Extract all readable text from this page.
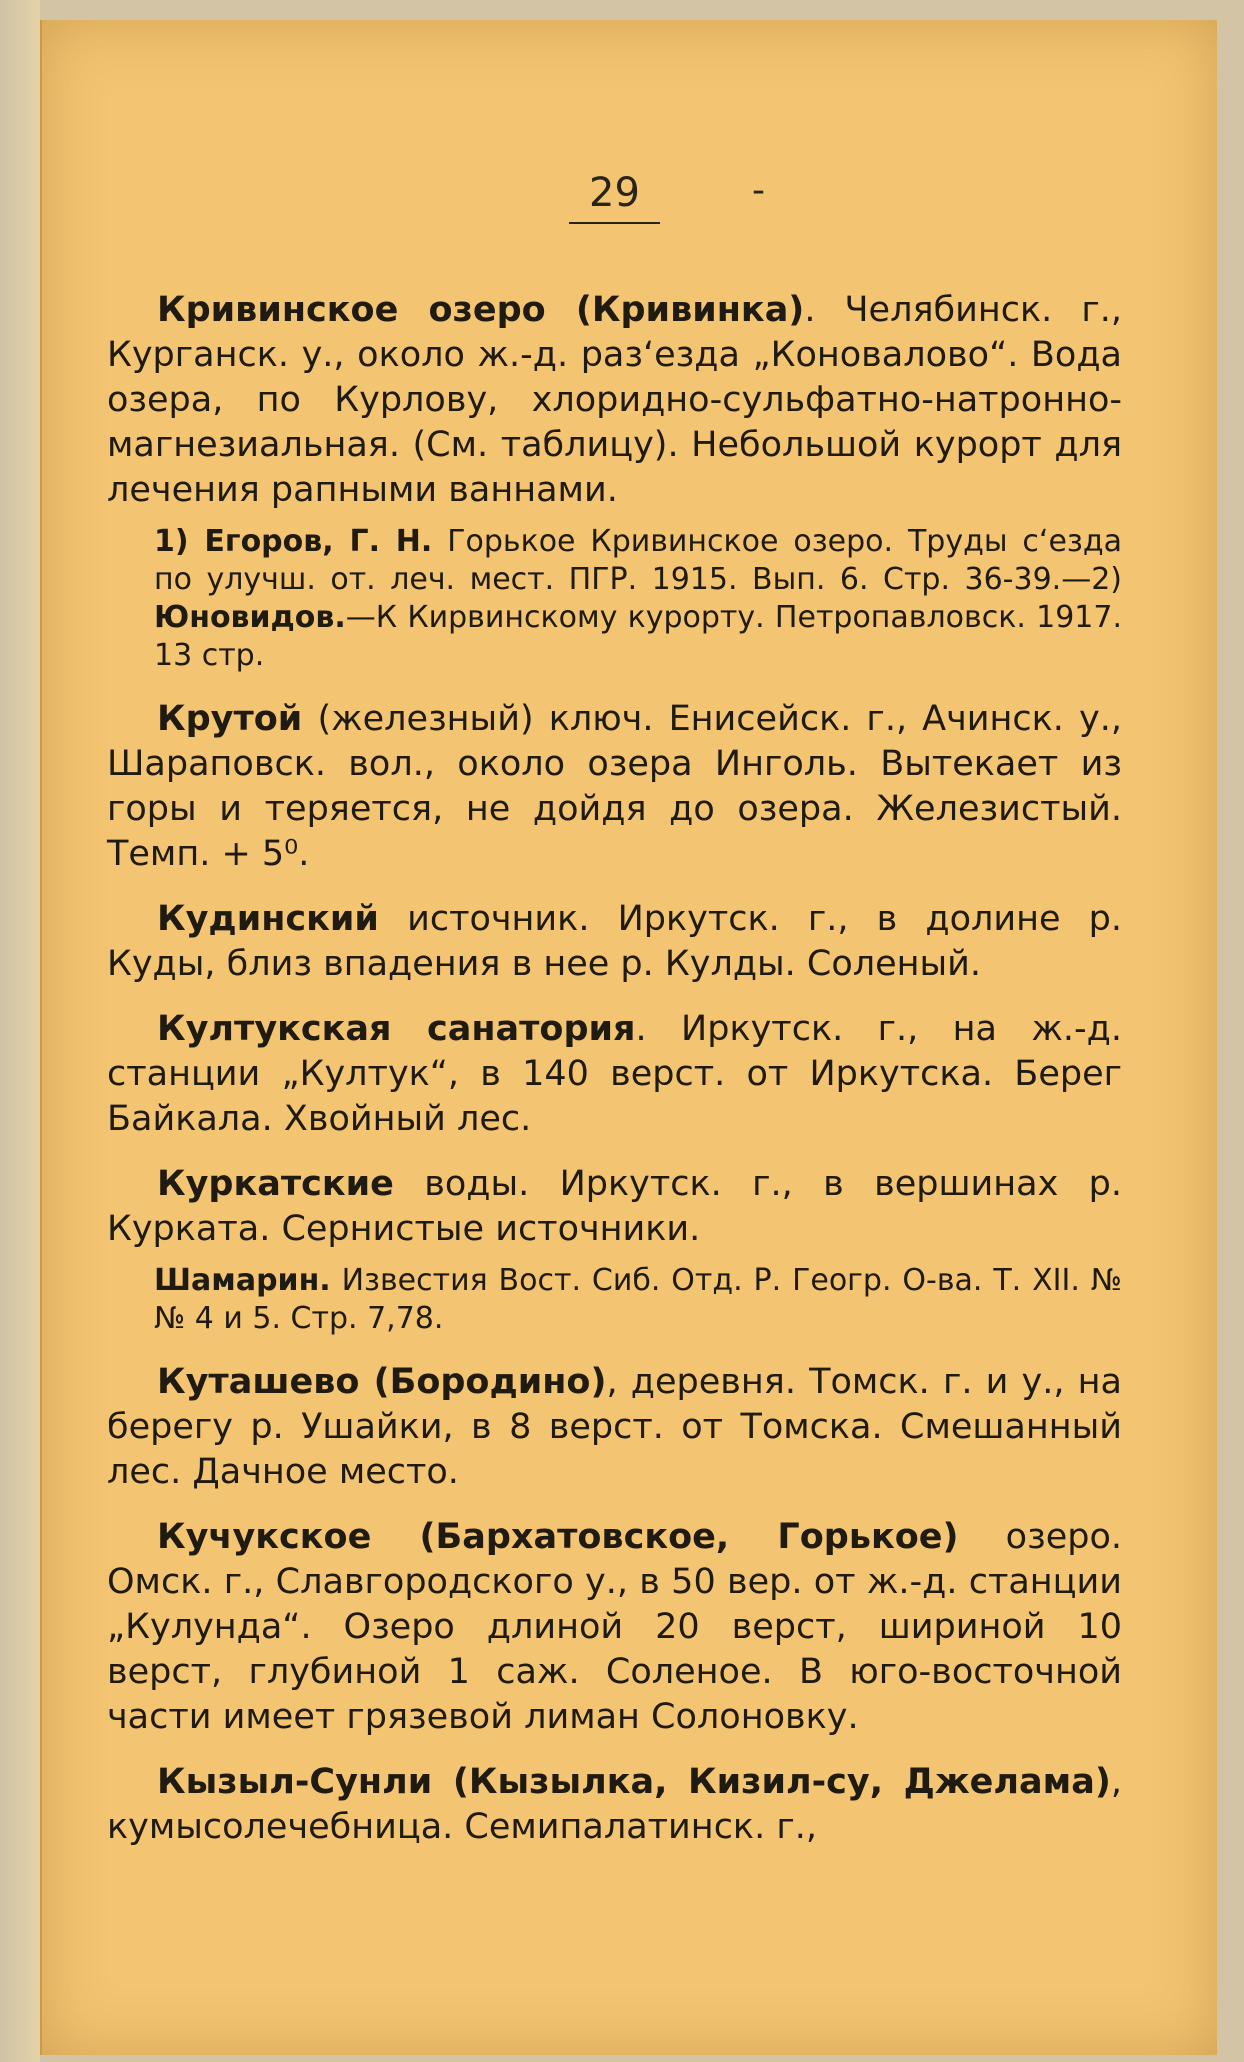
29	-

Кривинское озеро (Кривинка). Челябинск. г., Курганск. у., около ж.-д. раз‘езда „Коновалово“. Вода озера, по Курлову, хлоридно-сульфатно-натронно-магнезиальная. (См. таблицу). Небольшой курорт для лечения рапными ваннами.

1) Егоров, Г. Н. Горькое Кривинское озеро. Труды с‘езда по улучш. от. леч. мест. ПГР. 1915. Вып. 6. Стр. 36-39.—2) Юновидов.—К Кирвинскому курорту. Петропавловск. 1917. 13 стр.

Крутой (железный) ключ. Енисейск. г., Ачинск. у., Шараповск. вол., около озера Инголь. Вытекает из горы и теряется, не дойдя до озера. Железистый. Темп. + 5⁰.

Кудинский источник. Иркутск. г., в долине р. Куды, близ впадения в нее р. Кулды. Соленый.

Култукская санатория. Иркутск. г., на ж.-д. станции „Култук“, в 140 верст. от Иркутска. Берег Байкала. Хвойный лес.

Куркатские воды. Иркутск. г., в вершинах р. Курката. Сернистые источники.

Шамарин. Известия Вост. Сиб. Отд. Р. Геогр. О-ва. Т. XII. №№ 4 и 5. Стр. 7,78.

Куташево (Бородино), деревня. Томск. г. и у., на берегу р. Ушайки, в 8 верст. от Томска. Смешанный лес. Дачное место.

Кучукское (Бархатовское, Горькое) озеро. Омск. г., Славгородского у., в 50 вер. от ж.-д. станции „Кулунда“. Озеро длиной 20 верст, шириной 10 верст, глубиной 1 саж. Соленое. В юго-восточной части имеет грязевой лиман Солоновку.

Кызыл-Сунли (Кызылка, Кизил-су, Джелама), кумысолечебница. Семипалатинск. г.,
